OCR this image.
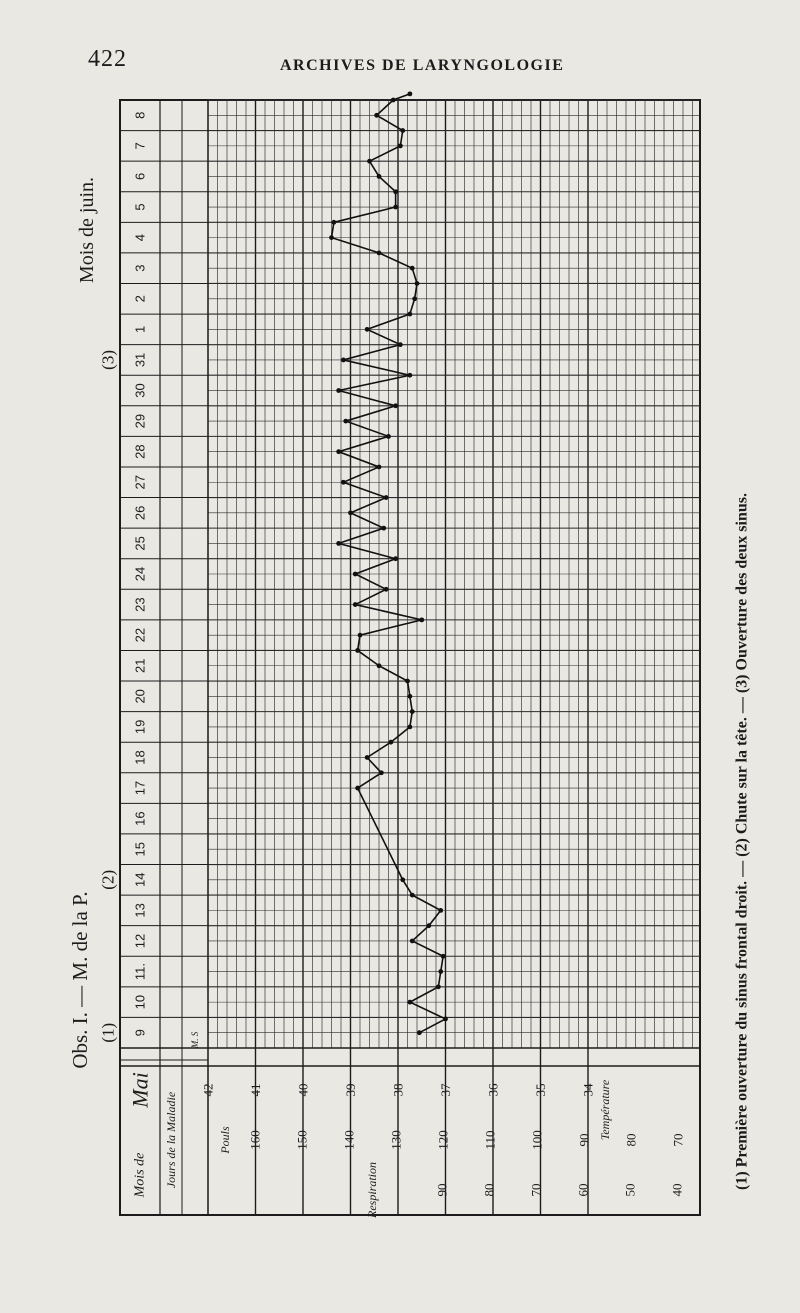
422	ARCHIVES DE LARYNGOLOGIE
9
10
11.
12
13
14
15
16
17
18
19
20
21
22
23
24
25
26
27
28
29
30
31
1
2
3
4
5
6
7
8
Mois de
Mai
Jours de la Maladie
M. S
42	41	40	39	38	37	36	35	34 Température
160 150 140 130 120 110 100 90 80 70
Pouls
90 80 70 60 50 40
Respiration
Obs. I. — M. de la P.
Mois de juin.
(1)
(2)
(3)
(1) Première ouverture du sinus frontal droit. — (2) Chute sur la tête. — (3) Ouverture des deux sinus.
